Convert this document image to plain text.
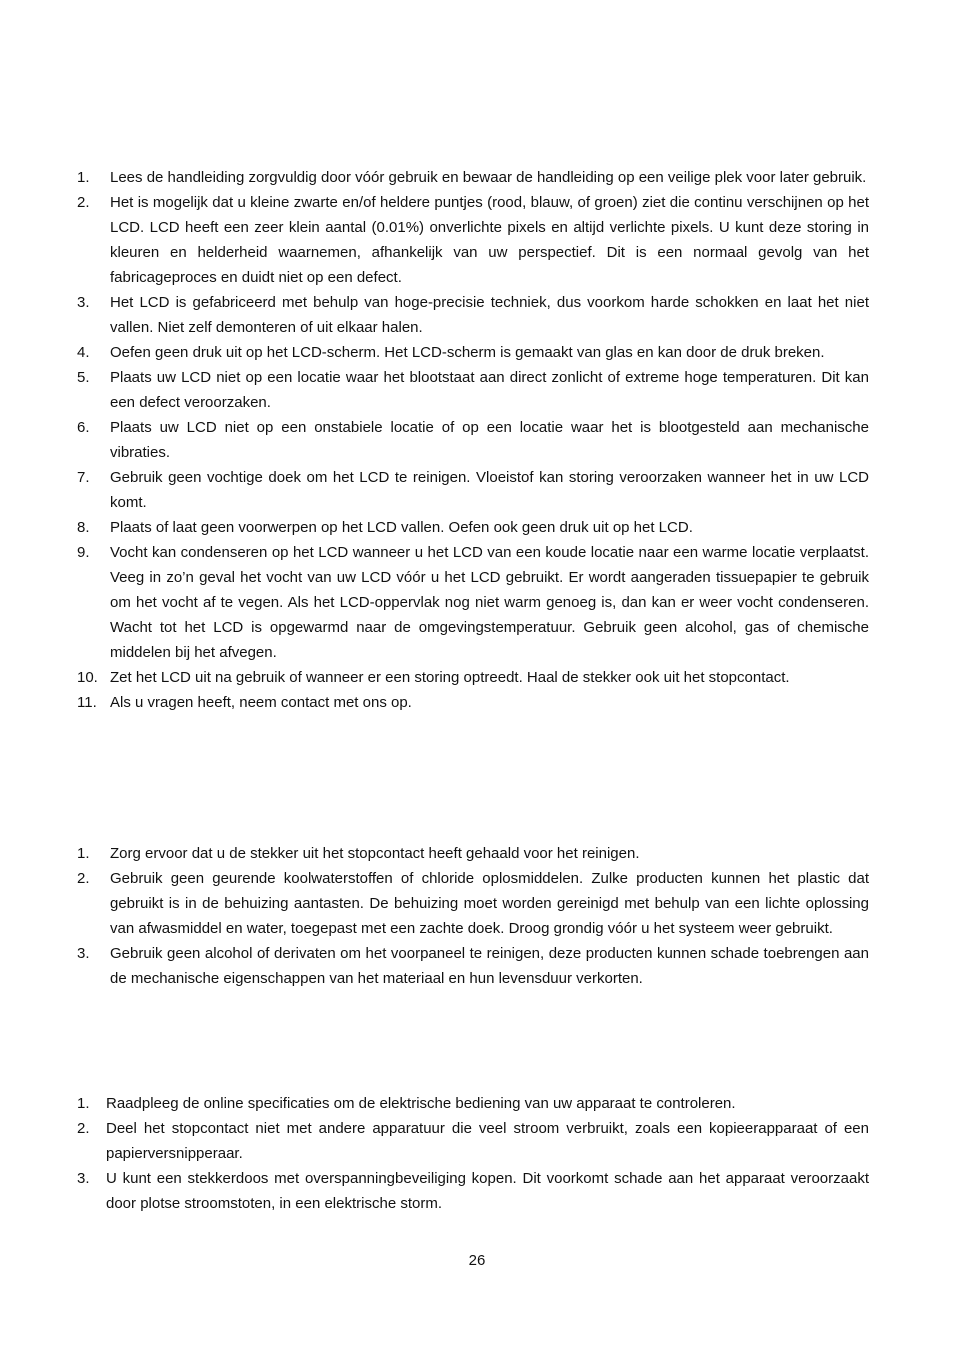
1. Lees de handleiding zorgvuldig door vóór gebruik en bewaar de handleiding op een veilige plek voor later gebruik.
2. Het is mogelijk dat u kleine zwarte en/of heldere puntjes (rood, blauw, of groen) ziet die continu verschijnen op het LCD. LCD heeft een zeer klein aantal (0.01%) onverlichte pixels en altijd verlichte pixels. U kunt deze storing in kleuren en helderheid waarnemen, afhankelijk van uw perspectief. Dit is een normaal gevolg van het fabricageproces en duidt niet op een defect.
3. Het LCD is gefabriceerd met behulp van hoge-precisie techniek, dus voorkom harde schokken en laat het niet vallen. Niet zelf demonteren of uit elkaar halen.
4. Oefen geen druk uit op het LCD-scherm. Het LCD-scherm is gemaakt van glas en kan door de druk breken.
5. Plaats uw LCD niet op een locatie waar het blootstaat aan direct zonlicht of extreme hoge temperaturen. Dit kan een defect veroorzaken.
6. Plaats uw LCD niet op een onstabiele locatie of op een locatie waar het is blootgesteld aan mechanische vibraties.
7. Gebruik geen vochtige doek om het LCD te reinigen. Vloeistof kan storing veroorzaken wanneer het in uw LCD komt.
8. Plaats of laat geen voorwerpen op het LCD vallen. Oefen ook geen druk uit op het LCD.
9. Vocht kan condenseren op het LCD wanneer u het LCD van een koude locatie naar een warme locatie verplaatst. Veeg in zo’n geval het vocht van uw LCD vóór u het LCD gebruikt. Er wordt aangeraden tissuepapier te gebruik om het vocht af te vegen. Als het LCD-oppervlak nog niet warm genoeg is, dan kan er weer vocht condenseren. Wacht tot het LCD is opgewarmd naar de omgevingstemperatuur. Gebruik geen alcohol, gas of chemische middelen bij het afvegen.
10. Zet het LCD uit na gebruik of wanneer er een storing optreedt. Haal de stekker ook uit het stopcontact.
11. Als u vragen heeft, neem contact met ons op.
1. Zorg ervoor dat u de stekker uit het stopcontact heeft gehaald voor het reinigen.
2. Gebruik geen geurende koolwaterstoffen of chloride oplosmiddelen. Zulke producten kunnen het plastic dat gebruikt is in de behuizing aantasten. De behuizing moet worden gereinigd met behulp van een lichte oplossing van afwasmiddel en water, toegepast met een zachte doek. Droog grondig vóór u het systeem weer gebruikt.
3. Gebruik geen alcohol of derivaten om het voorpaneel te reinigen, deze producten kunnen schade toebrengen aan de mechanische eigenschappen van het materiaal en hun levensduur verkorten.
1. Raadpleeg de online specificaties om de elektrische bediening van uw apparaat te controleren.
2. Deel het stopcontact niet met andere apparatuur die veel stroom verbruikt, zoals een kopieerapparaat of een papierversnipperaar.
3. U kunt een stekkerdoos met overspanningbeveiliging kopen. Dit voorkomt schade aan het apparaat veroorzaakt door plotse stroomstoten, in een elektrische storm.
26
